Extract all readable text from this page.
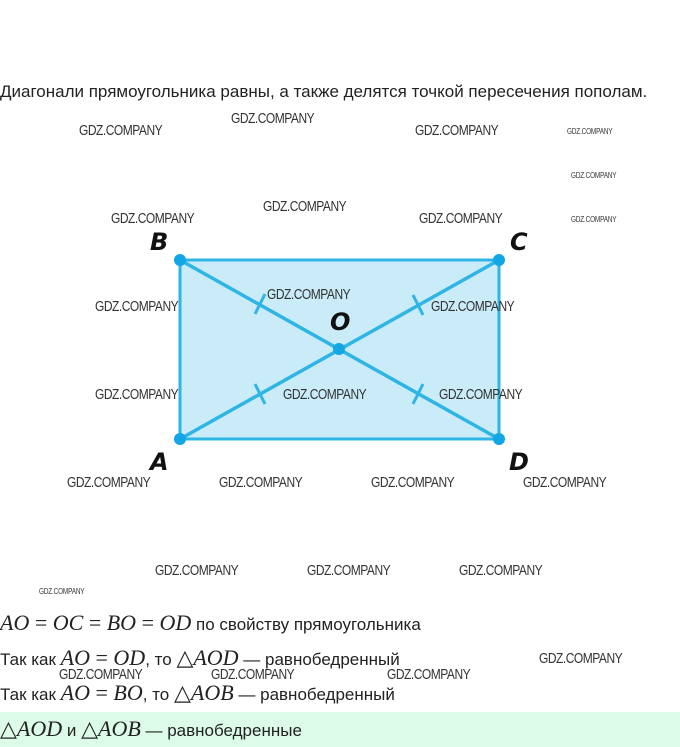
Диагонали прямоугольника равны, а также делятся точкой пересечения пополам.
B	C
O
A	D
GDZ.COMPANY
GDZ.COMPANY
GDZ.COMPANY	GDZ.COMPANY
GDZ.COMPANY
GDZ.COMPANY
GDZ.COMPANY
GDZ.COMPANY	GDZ.COMPANY
GDZ.COMPANY
GDZ.COMPANY	GDZ.COMPANY
GDZ.COMPANY	GDZ.COMPANY	GDZ.COMPANY
GDZ.COMPANY	GDZ.COMPANY	GDZ.COMPANY	GDZ.COMPANY
GDZ.COMPANY	GDZ.COMPANY	GDZ.COMPANY
GDZ.COMPANY
GDZ.COMPANY
GDZ.COMPANY	GDZ.COMPANY	GDZ.COMPANY
AO = OC = BO = OD по свойству прямоугольника
Так как AO = OD, то △AOD — равнобедренный
Так как AO = BO, то △AOB — равнобедренный
△AOD и △AOB — равнобедренные
